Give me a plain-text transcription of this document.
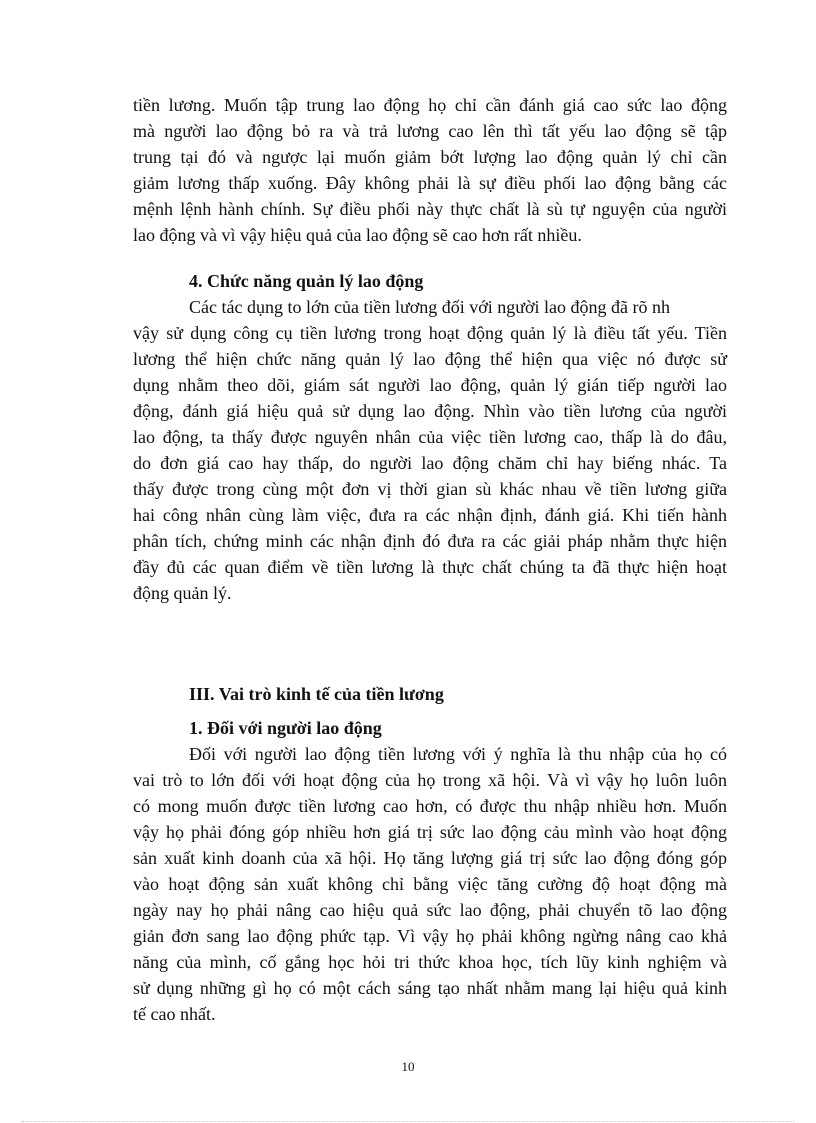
tiền lương. Muốn tập trung lao động họ chỉ cần đánh giá cao sức lao động
mà người lao động bỏ ra và trả lương cao lên thì tất yếu lao động sẽ tập
trung tại đó và ngược lại muốn giảm bớt lượng lao động quản lý chỉ cần
giảm lương thấp xuống. Đây không phải là sự điều phối lao động bằng các
mệnh lệnh hành chính. Sự điều phối này thực chất là sù tự nguyện của người
lao động và vì vậy hiệu quả của lao động sẽ cao hơn rất nhiều.
4. Chức năng quản lý lao động
Các tác dụng to lớn của tiền lương đối với người lao động đã rõ nh
vậy sử dụng công cụ tiền lương trong hoạt động quản lý là điều tất yếu. Tiền
lương thể hiện chức năng quản lý lao động thể hiện qua việc nó được sử
dụng nhằm theo dõi, giám sát người lao động, quản lý gián tiếp người lao
động, đánh giá hiệu quả sử dụng lao động. Nhìn vào tiền lương của người
lao động, ta thấy được nguyên nhân của việc tiền lương cao, thấp là do đâu,
do đơn giá cao hay thấp, do người lao động chăm chỉ hay biếng nhác. Ta
thấy được trong cùng một đơn vị thời gian sù khác nhau về tiền lương giữa
hai công nhân cùng làm việc, đưa ra các nhận định, đánh giá. Khi tiến hành
phân tích, chứng minh các nhận định đó đưa ra các giải pháp nhằm thực hiện
đầy đủ các quan điểm về tiền lương là thực chất chúng ta đã thực hiện hoạt
động quản lý.
III. Vai trò kinh tế của tiền lương
1. Đối với người lao động
Đối với người lao động tiền lương với ý nghĩa là thu nhập của họ có
vai trò to lớn đối với hoạt động của họ trong xã hội. Và vì vậy họ luôn luôn
có mong muốn được tiền lương cao hơn, có được thu nhập nhiều hơn. Muốn
vậy họ phải đóng góp nhiều hơn giá trị sức lao động cảu mình vào hoạt động
sản xuất kinh doanh của xã hội. Họ tăng lượng giá trị sức lao động đóng góp
vào hoạt động sản xuất không chỉ bằng việc tăng cường độ hoạt động mà
ngày nay họ phải nâng cao hiệu quả sức lao động, phải chuyển tõ lao động
giản đơn sang lao động phức tạp. Vì vậy họ phải không ngừng nâng cao khả
năng của mình, cố gắng học hỏi tri thức khoa học, tích lũy kinh nghiệm và
sử dụng những gì họ có một cách sáng tạo nhất nhằm mang lại hiệu quả kinh
tế cao nhất.
10
